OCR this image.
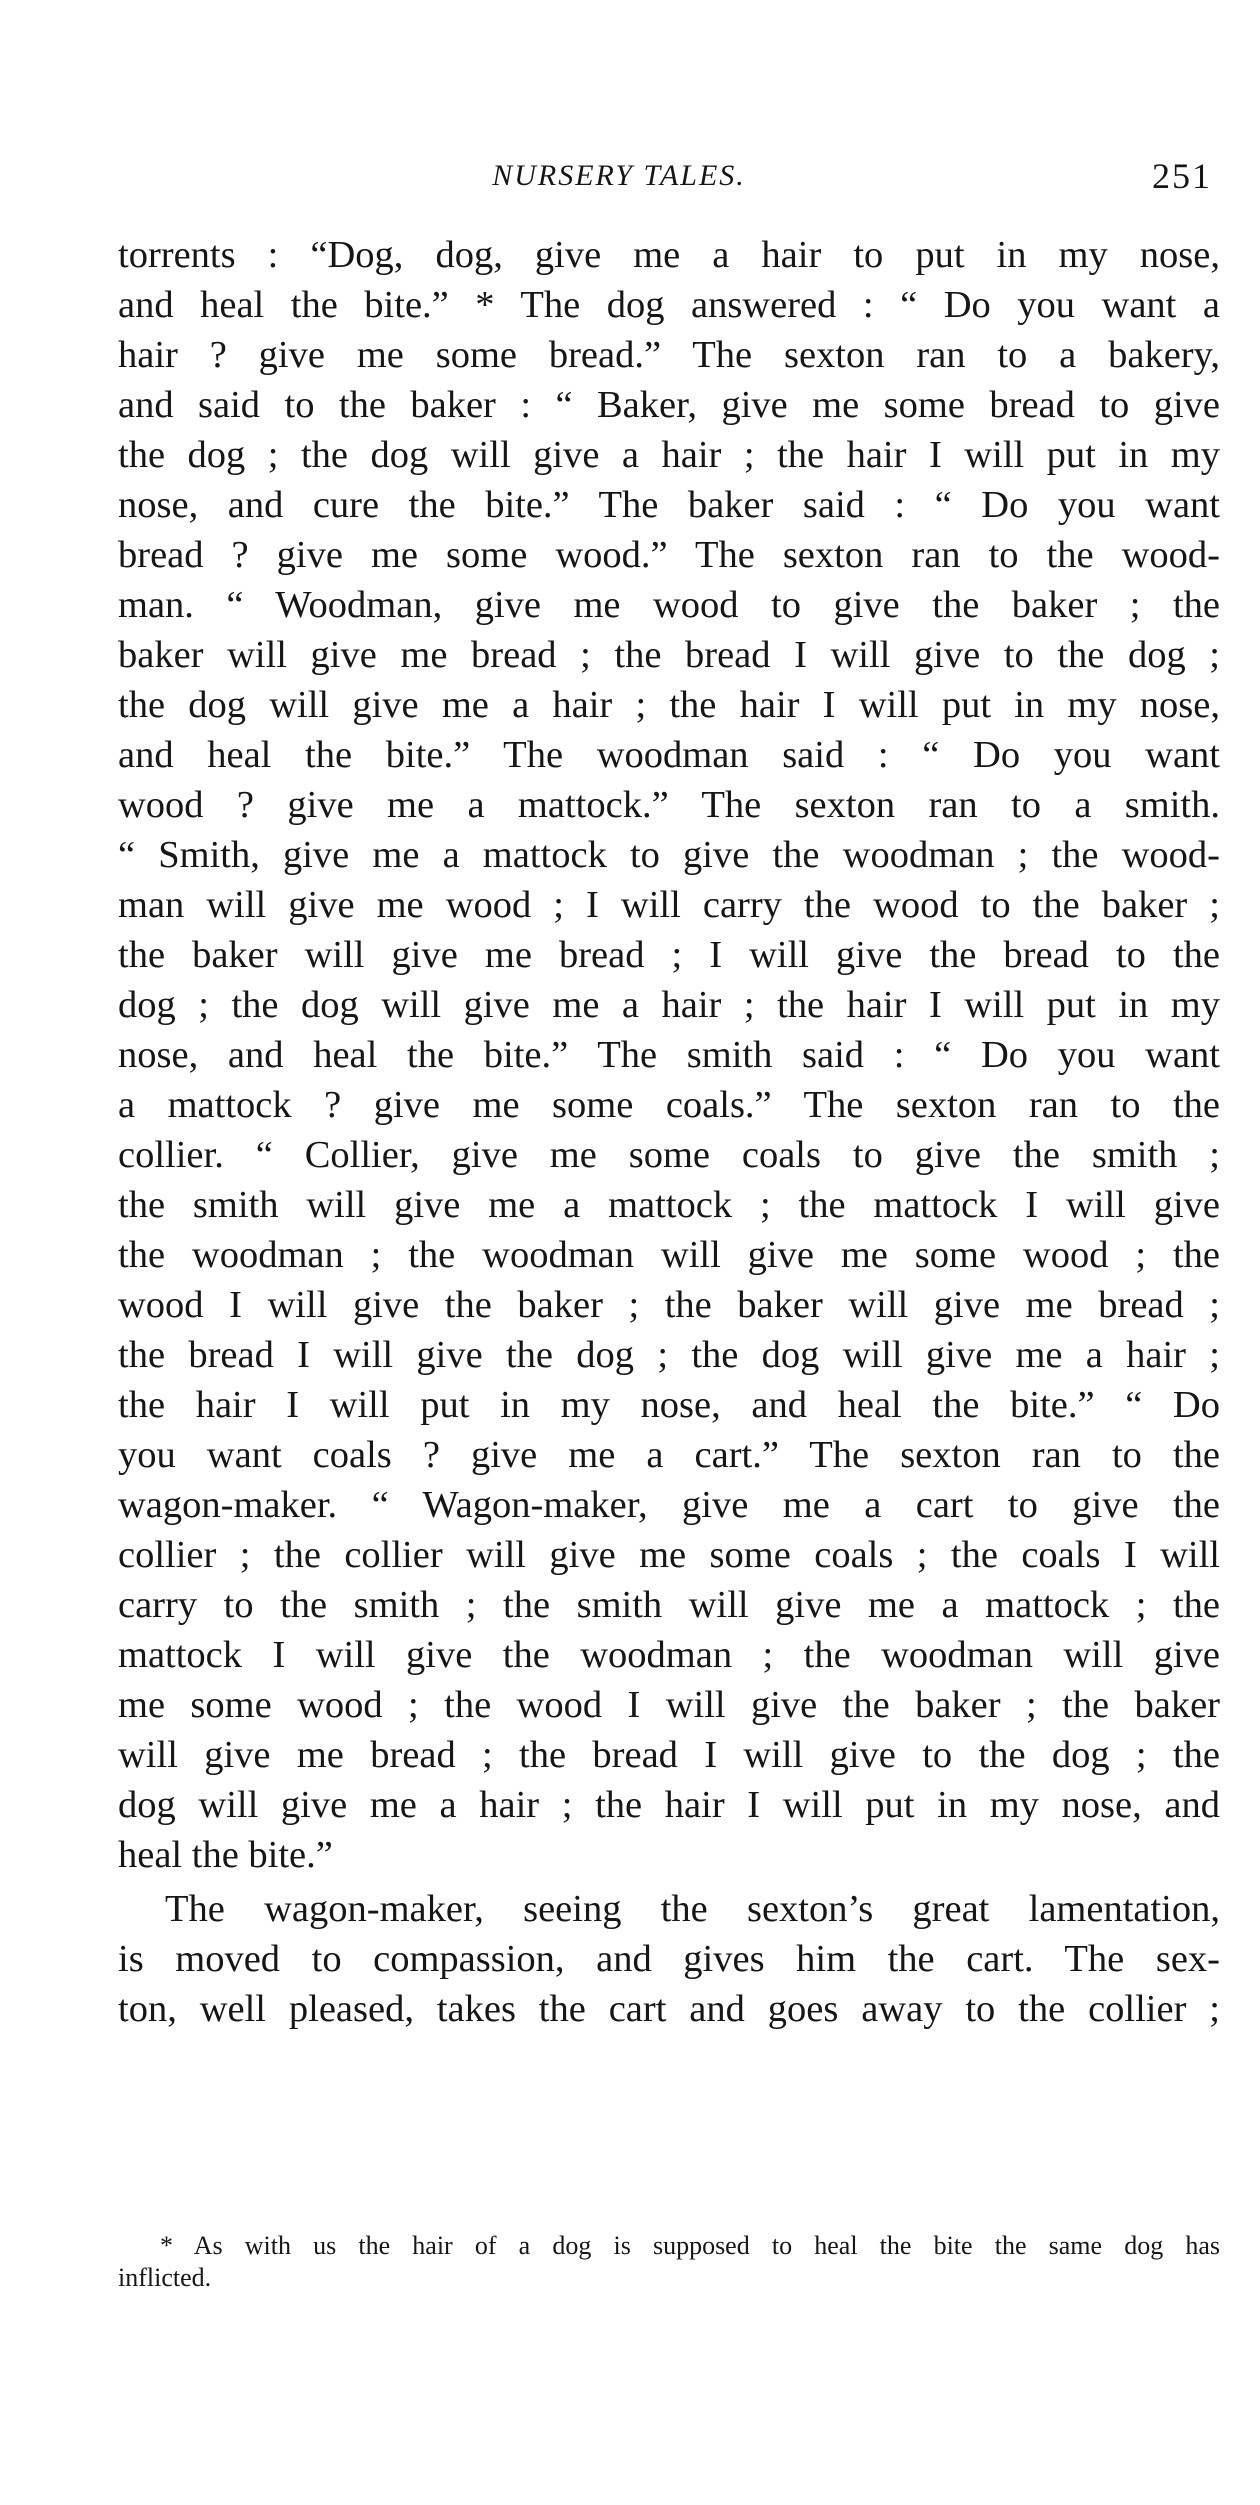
NURSERY TALES.	251
torrents : “Dog, dog, give me a hair to put in my nose,
and heal the bite.” * The dog answered : “ Do you want a
hair ? give me some bread.” The sexton ran to a bakery,
and said to the baker : “ Baker, give me some bread to give
the dog ; the dog will give a hair ; the hair I will put in my
nose, and cure the bite.” The baker said : “ Do you want
bread ? give me some wood.” The sexton ran to the wood-
man. “ Woodman, give me wood to give the baker ; the
baker will give me bread ; the bread I will give to the dog ;
the dog will give me a hair ; the hair I will put in my nose,
and heal the bite.” The woodman said : “ Do you want
wood ? give me a mattock.” The sexton ran to a smith.
“ Smith, give me a mattock to give the woodman ; the wood-
man will give me wood ; I will carry the wood to the baker ;
the baker will give me bread ; I will give the bread to the
dog ; the dog will give me a hair ; the hair I will put in my
nose, and heal the bite.” The smith said : “ Do you want
a mattock ? give me some coals.” The sexton ran to the
collier. “ Collier, give me some coals to give the smith ;
the smith will give me a mattock ; the mattock I will give
the woodman ; the woodman will give me some wood ; the
wood I will give the baker ; the baker will give me bread ;
the bread I will give the dog ; the dog will give me a hair ;
the hair I will put in my nose, and heal the bite.” “ Do
you want coals ? give me a cart.” The sexton ran to the
wagon-maker. “ Wagon-maker, give me a cart to give the
collier ; the collier will give me some coals ; the coals I will
carry to the smith ; the smith will give me a mattock ; the
mattock I will give the woodman ; the woodman will give
me some wood ; the wood I will give the baker ; the baker
will give me bread ; the bread I will give to the dog ; the
dog will give me a hair ; the hair I will put in my nose, and
heal the bite.”
The wagon-maker, seeing the sexton’s great lamentation,
is moved to compassion, and gives him the cart. The sex-
ton, well pleased, takes the cart and goes away to the collier ;
* As with us the hair of a dog is supposed to heal the bite the same dog has
inflicted.
